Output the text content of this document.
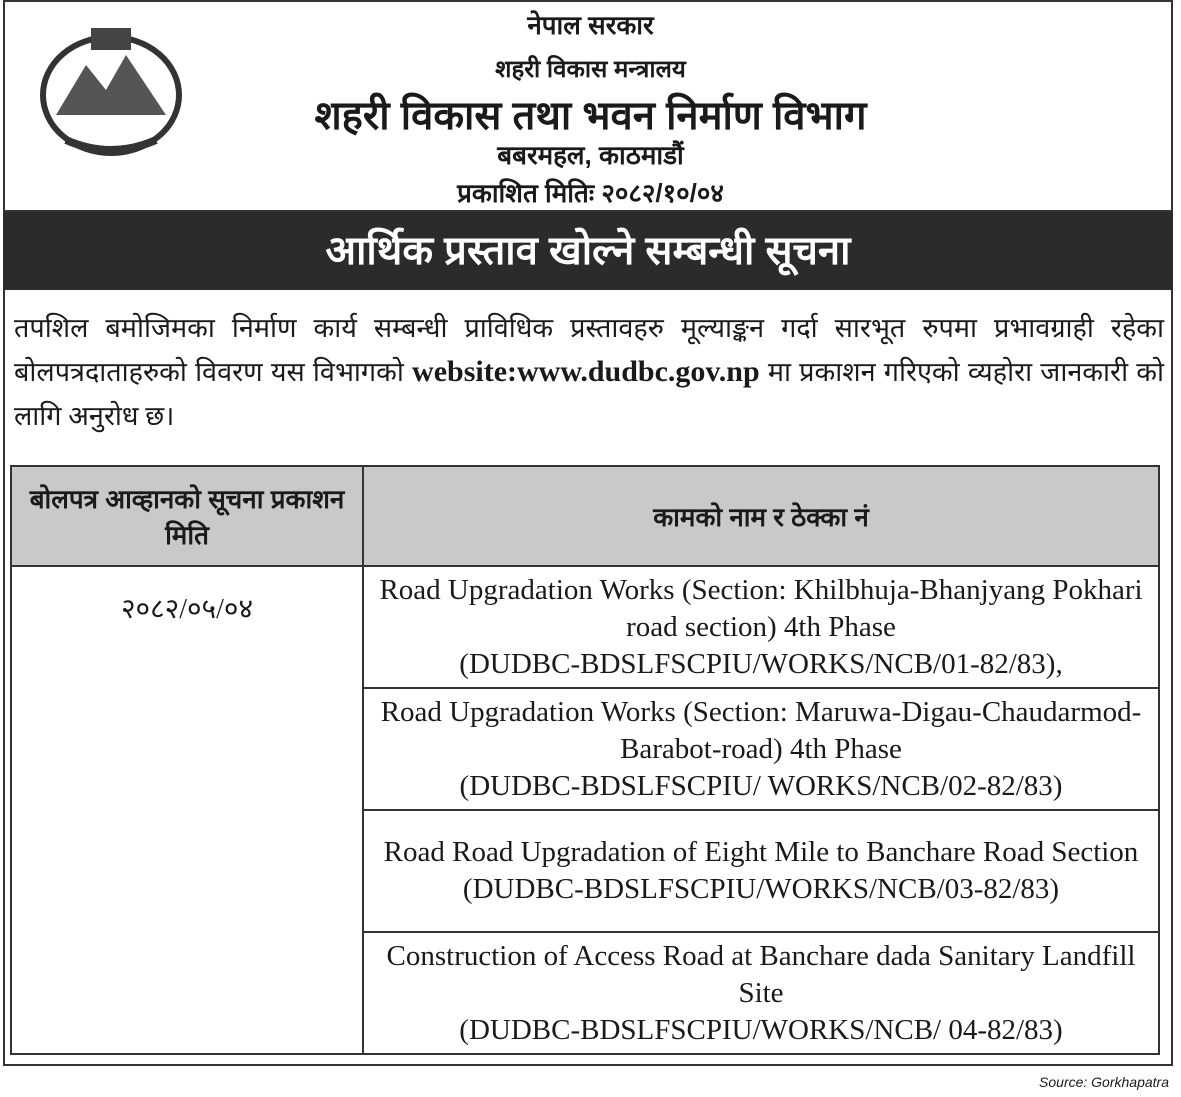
नेपाल सरकार
शहरी विकास मन्त्रालय
शहरी विकास तथा भवन निर्माण विभाग
बबरमहल, काठमाडौं
प्रकाशित मितिः २०८२/१०/०४
आर्थिक प्रस्ताव खोल्ने सम्बन्धी सूचना
तपशिल बमोजिमका निर्माण कार्य सम्बन्धी प्राविधिक प्रस्तावहरु मूल्याङ्कन गर्दा सारभूत रुपमा प्रभावग्राही रहेका बोलपत्रदाताहरुको विवरण यस विभागको website:www.dudbc.gov.np मा प्रकाशन गरिएको व्यहोरा जानकारी को लागि अनुरोध छ।
बोलपत्र आव्हानको सूचना प्रकाशन मिति	कामको नाम र ठेक्का नं
२०८२/०५/०४	Road Upgradation Works (Section: Khilbhuja-Bhanjyang Pokhari road section) 4th Phase
(DUDBC-BDSLFSCPIU/WORKS/NCB/01-82/83),

	Road Upgradation Works (Section: Maruwa-Digau-Chaudarmod-Barabot-road) 4th Phase
(DUDBC-BDSLFSCPIU/ WORKS/NCB/02-82/83)

	Road Road Upgradation of Eight Mile to Banchare Road Section
(DUDBC-BDSLFSCPIU/WORKS/NCB/03-82/83)

	Construction of Access Road at Banchare dada Sanitary Landfill Site
(DUDBC-BDSLFSCPIU/WORKS/NCB/ 04-82/83)
Source: Gorkhapatra
